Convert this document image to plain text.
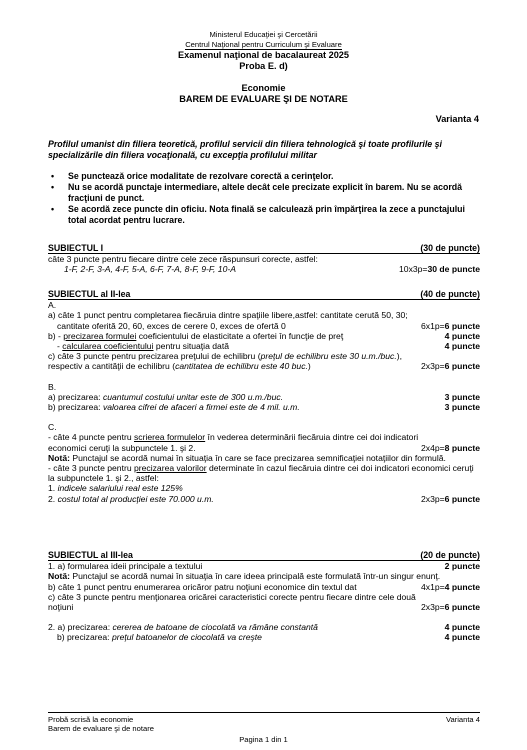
Ministerul Educaţiei şi Cercetării
Centrul Naţional pentru Curriculum şi Evaluare
Examenul naţional de bacalaureat 2025
Proba E. d)
Economie
BAREM DE EVALUARE ŞI DE NOTARE
Varianta 4
Profilul umanist din filiera teoretică, profilul servicii din filiera tehnologică şi toate profilurile şi specializările din filiera vocaţională, cu excepţia profilului militar
• Se punctează orice modalitate de rezolvare corectă a cerinţelor.
• Nu se acordă punctaje intermediare, altele decât cele precizate explicit în barem. Nu se acordă fracţiuni de punct.
• Se acordă zece puncte din oficiu. Nota finală se calculează prin împărţirea la zece a punctajului total acordat pentru lucrare.
SUBIECTUL I	(30 de puncte)
câte 3 puncte pentru fiecare dintre cele zece răspunsuri corecte, astfel:
1-F, 2-F, 3-A, 4-F, 5-A, 6-F, 7-A, 8-F, 9-F, 10-A	10x3p=30 de puncte
SUBIECTUL al II-lea	(40 de puncte)
A.
a) câte 1 punct pentru completarea fiecăruia dintre spaţiile libere,astfel: cantitate cerută 50, 30;
cantitate oferită 20, 60, exces de cerere 0, exces de ofertă 0	6x1p=6 puncte
b) - precizarea formulei coeficientului de elasticitate a ofertei în funcţie de preţ	4 puncte
- calcularea coeficientului pentru situaţia dată	4 puncte
c) câte 3 puncte pentru precizarea preţului de echilibru (preţul de echilibru este 30 u.m./buc.),
respectiv a cantităţii de echilibru (cantitatea de echilibru este 40 buc.)	2x3p=6 puncte
B.
a) precizarea: cuantumul costului unitar este de 300 u.m./buc.	3 puncte
b) precizarea: valoarea cifrei de afaceri a firmei este de 4 mil. u.m.	3 puncte
C.
- câte 4 puncte pentru scrierea formulelor în vederea determinării fiecăruia dintre cei doi indicatori
economici ceruţi la subpunctele 1. şi 2.	2x4p=8 puncte
Notă: Punctajul se acordă numai în situaţia în care se face precizarea semnificaţiei notaţiilor din formulă.
- câte 3 puncte pentru precizarea valorilor determinate în cazul fiecăruia dintre cei doi indicatori economici ceruţi la subpunctele 1. şi 2., astfel:
1. indicele salariului real este 125%
2. costul total al producţiei este 70.000 u.m.	2x3p=6 puncte
SUBIECTUL al III-lea	(20 de puncte)
1. a) formularea ideii principale a textului	2 puncte
Notă: Punctajul se acordă numai în situaţia în care ideea principală este formulată într-un singur enunţ.
b) câte 1 punct pentru enumerarea oricăror patru noţiuni economice din textul dat	4x1p=4 puncte
c) câte 3 puncte pentru menţionarea oricărei caracteristici corecte pentru fiecare dintre cele două
noţiuni	2x3p=6 puncte
2. a) precizarea: cererea de batoane de ciocolată va rămâne constantă	4 puncte
b) precizarea: preţul batoanelor de ciocolată va creşte	4 puncte
Probă scrisă la economie	Varianta 4
Barem de evaluare şi de notare
Pagina 1 din 1
